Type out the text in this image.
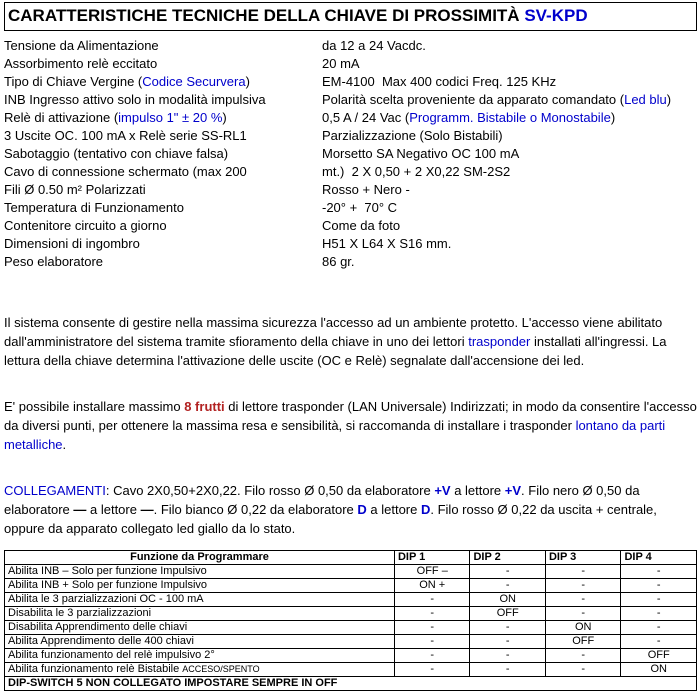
CARATTERISTICHE TECNICHE DELLA CHIAVE DI PROSSIMITÀ SV-KPD
Tensione da Alimentazione	da 12 a 24 Vacdc.
Assorbimento relè eccitato	20 mA
Tipo di Chiave Vergine (Codice Securvera)	EM-4100  Max 400 codici Freq. 125 KHz
INB Ingresso attivo solo in modalità impulsiva	Polarità scelta proveniente da apparato comandato (Led blu)
Relè di attivazione (impulso 1" ± 20 %)	0,5 A / 24 Vac (Programm. Bistabile o Monostabile)
3 Uscite OC. 100 mA x Relè serie SS-RL1	Parzializzazione (Solo Bistabili)
Sabotaggio (tentativo con chiave falsa)	Morsetto SA Negativo OC 100 mA
Cavo di connessione schermato (max 200	mt.)  2 X 0,50 + 2 X0,22 SM-2S2
Fili Ø 0.50 m² Polarizzati	Rosso + Nero -
Temperatura di Funzionamento	-20° +  70° C
Contenitore circuito a giorno	Come da foto
Dimensioni di ingombro	H51 X L64 X S16 mm.
Peso elaboratore	86 gr.
Il sistema consente di gestire nella massima sicurezza l'accesso ad un ambiente protetto. L'accesso viene abilitato dall'amministratore del sistema tramite sfioramento della chiave in uno dei lettori trasponder installati all'ingressi. La lettura della chiave determina l'attivazione delle uscite (OC e Relè) segnalate dall'accensione dei led.
E' possibile installare massimo 8 frutti di lettore trasponder (LAN Universale) Indirizzati; in modo da consentire l'accesso da diversi punti, per ottenere la massima resa e sensibilità, si raccomanda di installare i trasponder lontano da parti metalliche.
COLLEGAMENTI: Cavo 2X0,50+2X0,22. Filo rosso Ø 0,50 da elaboratore +V a lettore +V. Filo nero Ø 0,50 da elaboratore — a lettore —. Filo bianco Ø 0,22 da elaboratore D a lettore D. Filo rosso Ø 0,22 da uscita + centrale, oppure da apparato collegato led giallo da lo stato.
Funzione da Programmare	DIP 1	DIP 2	DIP 3	DIP 4
Abilita INB – Solo per funzione Impulsivo	OFF –	-	-	-
Abilita INB + Solo per funzione Impulsivo	ON +	-	-	-
Abilita le 3 parzializzazioni OC - 100 mA	-	ON	-	-
Disabilita le 3 parzializzazioni	-	OFF	-	-
Disabilita Apprendimento delle chiavi	-	-	ON	-
Abilita Apprendimento delle 400 chiavi	-	-	OFF	-
Abilita funzionamento del relè impulsivo 2°	-	-	-	OFF
Abilita funzionamento relè Bistabile ACCESO/SPENTO	-	-	-	ON
DIP-SWITCH 5 NON COLLEGATO IMPOSTARE SEMPRE IN OFF				
